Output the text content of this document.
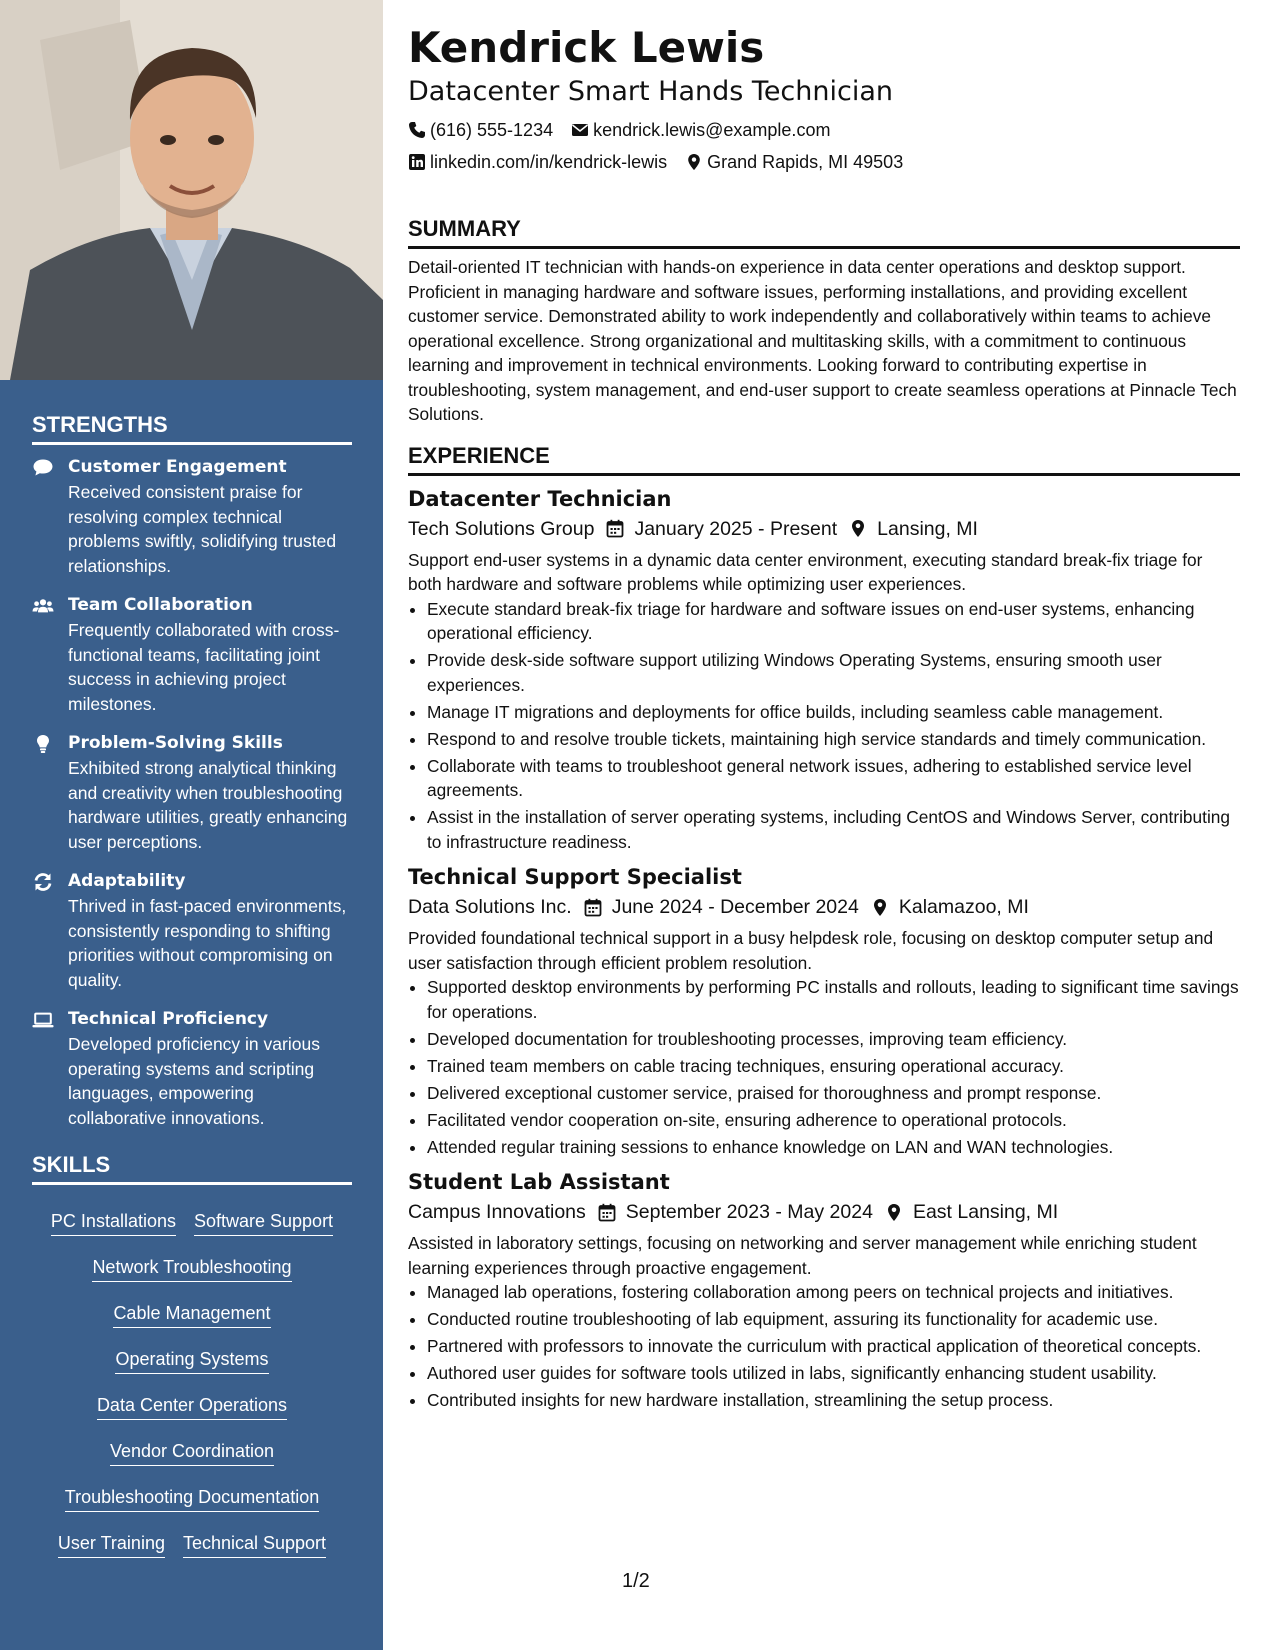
STRENGTHS
Customer Engagement
Received consistent praise for resolving complex technical problems swiftly, solidifying trusted relationships.
Team Collaboration
Frequently collaborated with cross-functional teams, facilitating joint success in achieving project milestones.
Problem-Solving Skills
Exhibited strong analytical thinking and creativity when troubleshooting hardware utilities, greatly enhancing user perceptions.
Adaptability
Thrived in fast-paced environments, consistently responding to shifting priorities without compromising on quality.
Technical Proficiency
Developed proficiency in various operating systems and scripting languages, empowering collaborative innovations.
SKILLS
PC Installations Software Support
Network Troubleshooting
Cable Management
Operating Systems
Data Center Operations
Vendor Coordination
Troubleshooting Documentation
User Training Technical Support
Kendrick Lewis
Datacenter Smart Hands Technician
(616) 555-1234 kendrick.lewis@example.com
linkedin.com/in/kendrick-lewis Grand Rapids, MI 49503
SUMMARY

Detail-oriented IT technician with hands-on experience in data center operations and desktop support. Proficient in managing hardware and software issues, performing installations, and providing excellent customer service. Demonstrated ability to work independently and collaboratively within teams to achieve operational excellence. Strong organizational and multitasking skills, with a commitment to continuous learning and improvement in technical environments. Looking forward to contributing expertise in troubleshooting, system management, and end-user support to create seamless operations at Pinnacle Tech Solutions.

EXPERIENCE
Datacenter Technician
Tech Solutions Group January 2025 - Present Lansing, MI
Support end-user systems in a dynamic data center environment, executing standard break-fix triage for both hardware and software problems while optimizing user experiences.
• Execute standard break-fix triage for hardware and software issues on end-user systems, enhancing operational efficiency.
• Provide desk-side software support utilizing Windows Operating Systems, ensuring smooth user experiences.
• Manage IT migrations and deployments for office builds, including seamless cable management.
• Respond to and resolve trouble tickets, maintaining high service standards and timely communication.
• Collaborate with teams to troubleshoot general network issues, adhering to established service level agreements.
• Assist in the installation of server operating systems, including CentOS and Windows Server, contributing to infrastructure readiness.
Technical Support Specialist
Data Solutions Inc. June 2024 - December 2024 Kalamazoo, MI
Provided foundational technical support in a busy helpdesk role, focusing on desktop computer setup and user satisfaction through efficient problem resolution.
• Supported desktop environments by performing PC installs and rollouts, leading to significant time savings for operations.
• Developed documentation for troubleshooting processes, improving team efficiency.
• Trained team members on cable tracing techniques, ensuring operational accuracy.
• Delivered exceptional customer service, praised for thoroughness and prompt response.
• Facilitated vendor cooperation on-site, ensuring adherence to operational protocols.
• Attended regular training sessions to enhance knowledge on LAN and WAN technologies.
Student Lab Assistant
Campus Innovations September 2023 - May 2024 East Lansing, MI
Assisted in laboratory settings, focusing on networking and server management while enriching student learning experiences through proactive engagement.
• Managed lab operations, fostering collaboration among peers on technical projects and initiatives.
• Conducted routine troubleshooting of lab equipment, assuring its functionality for academic use.
• Partnered with professors to innovate the curriculum with practical application of theoretical concepts.
• Authored user guides for software tools utilized in labs, significantly enhancing student usability.
• Contributed insights for new hardware installation, streamlining the setup process.
1/2
